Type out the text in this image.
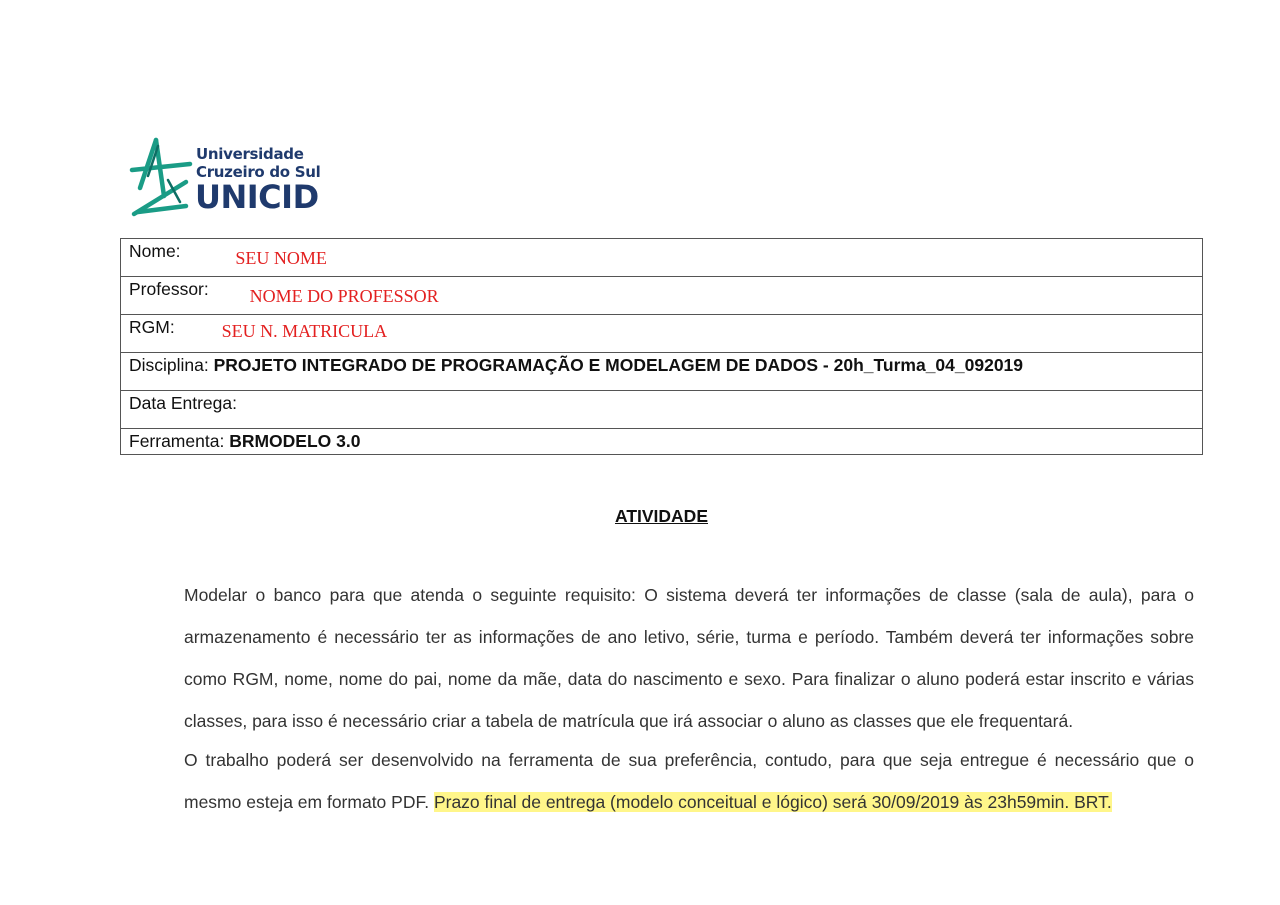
Universidade
Cruzeiro do Sul
UNICID
Nome:	SEU NOME
Professor: NOME DO PROFESSOR
RGM:	SEU N. MATRICULA
Disciplina: PROJETO INTEGRADO DE PROGRAMAÇÃO E MODELAGEM DE DADOS - 20h_Turma_04_092019
Data Entrega:
Ferramenta: BRMODELO 3.0
ATIVIDADE

Modelar o banco para que atenda o seguinte requisito: O sistema deverá ter informações de classe (sala de aula), para o armazenamento é necessário ter as informações de ano letivo, série, turma e período. Também deverá ter informações sobre como RGM, nome, nome do pai, nome da mãe, data do nascimento e sexo. Para finalizar o aluno poderá estar inscrito e várias classes, para isso é necessário criar a tabela de matrícula que irá associar o aluno as classes que ele frequentará.

O trabalho poderá ser desenvolvido na ferramenta de sua preferência, contudo, para que seja entregue é necessário que o mesmo esteja em formato PDF. Prazo final de entrega (modelo conceitual e lógico) será 30/09/2019 às 23h59min. BRT.
